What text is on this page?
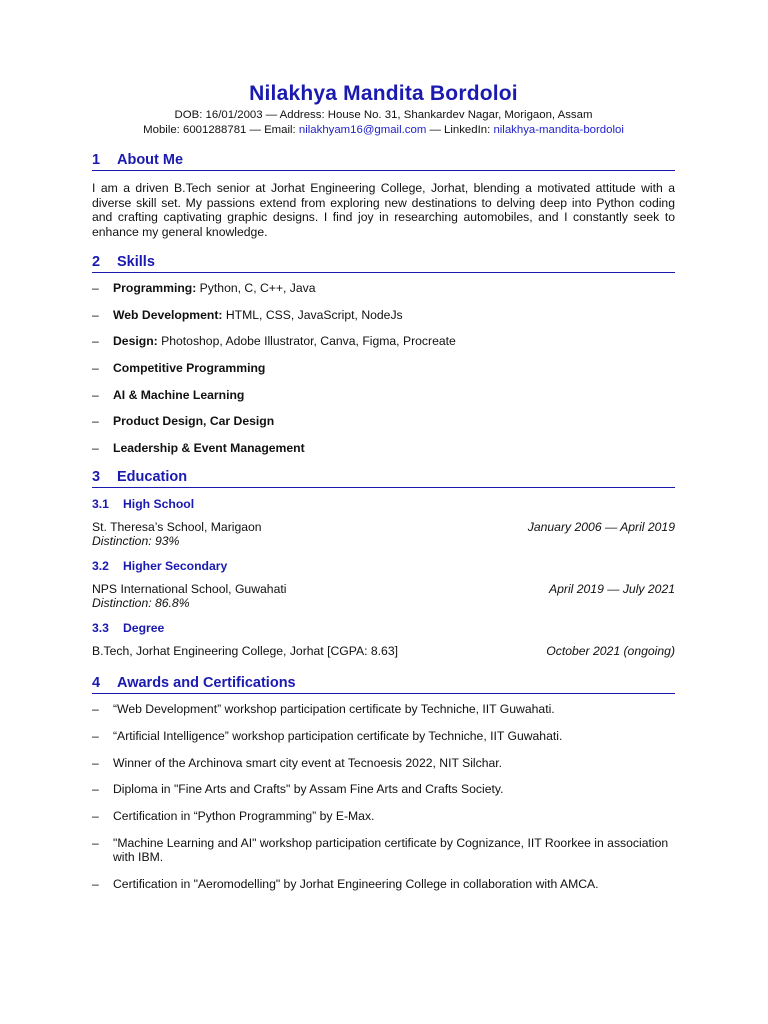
Nilakhya Mandita Bordoloi
DOB: 16/01/2003 — Address: House No. 31, Shankardev Nagar, Morigaon, Assam
Mobile: 6001288781 — Email: nilakhyam16@gmail.com — LinkedIn: nilakhya-mandita-bordoloi
1 About Me
I am a driven B.Tech senior at Jorhat Engineering College, Jorhat, blending a motivated attitude with a diverse skill set. My passions extend from exploring new destinations to delving deep into Python coding and crafting captivating graphic designs. I find joy in researching automobiles, and I constantly seek to enhance my general knowledge.
2 Skills
– Programming: Python, C, C++, Java
– Web Development: HTML, CSS, JavaScript, NodeJs
– Design: Photoshop, Adobe Illustrator, Canva, Figma, Procreate
– Competitive Programming
– AI & Machine Learning
– Product Design, Car Design
– Leadership & Event Management
3 Education
3.1 High School
St. Theresa’s School, Marigaon	January 2006 — April 2019
Distinction: 93%
3.2 Higher Secondary
NPS International School, Guwahati	April 2019 — July 2021
Distinction: 86.8%
3.3 Degree
B.Tech, Jorhat Engineering College, Jorhat [CGPA: 8.63]	October 2021 (ongoing)
4 Awards and Certifications
– “Web Development” workshop participation certificate by Techniche, IIT Guwahati.
– “Artificial Intelligence” workshop participation certificate by Techniche, IIT Guwahati.
– Winner of the Archinova smart city event at Tecnoesis 2022, NIT Silchar.
– Diploma in "Fine Arts and Crafts" by Assam Fine Arts and Crafts Society.
– Certification in “Python Programming” by E-Max.
– "Machine Learning and AI" workshop participation certificate by Cognizance, IIT Roorkee in association with IBM.
– Certification in "Aeromodelling" by Jorhat Engineering College in collaboration with AMCA.
